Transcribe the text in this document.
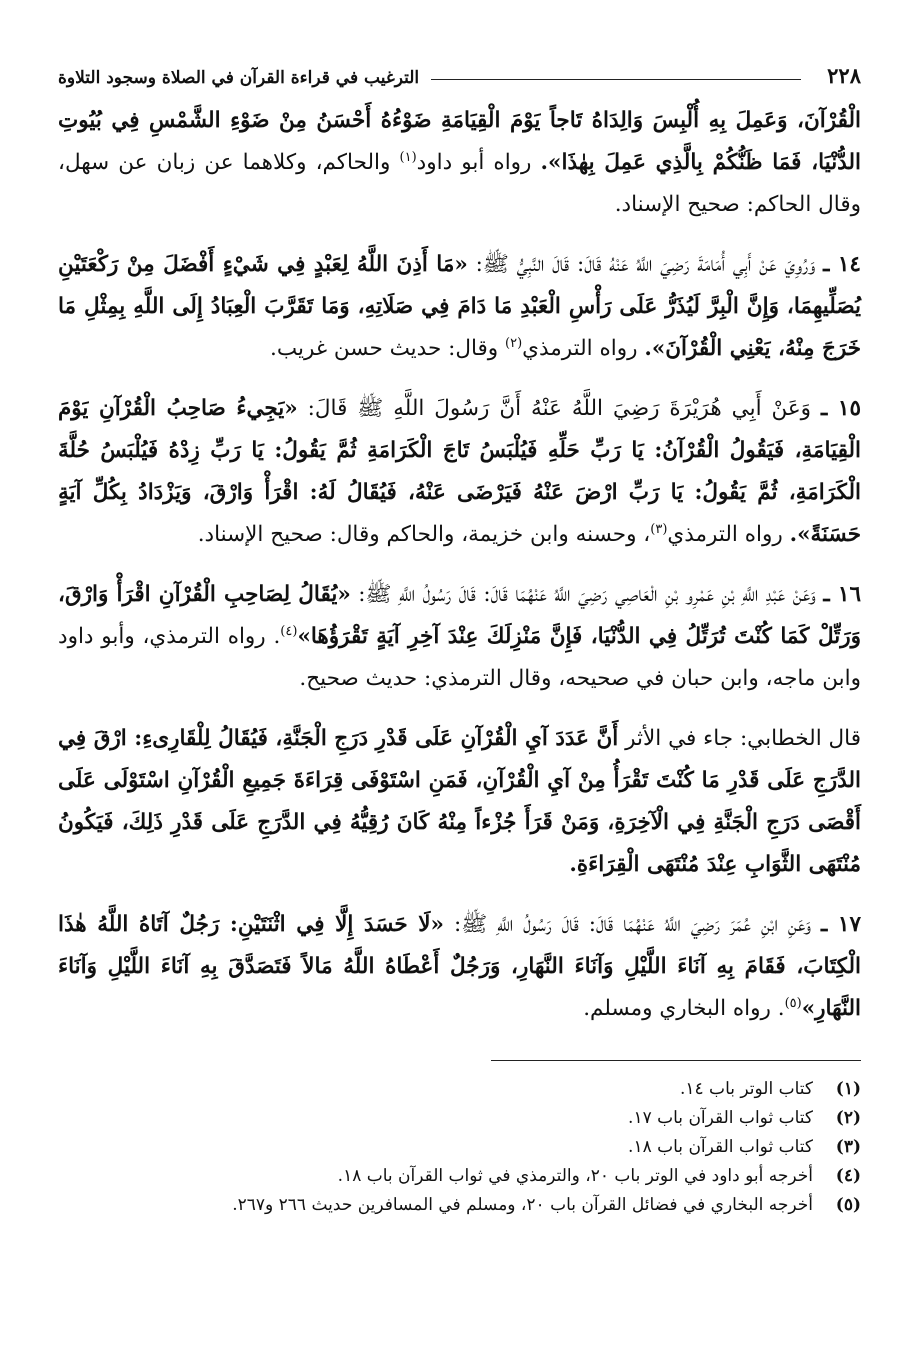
٢٢٨
الترغيب في قراءة القرآن في الصلاة وسجود التلاوة

الْقُرْآنَ، وَعَمِلَ بِهِ أُلْبِسَ وَالِدَاهُ تَاجاً يَوْمَ الْقِيَامَةِ ضَوْءُهُ أَحْسَنُ مِنْ ضَوْءِ الشَّمْسِ فِي بُيُوتِ الدُّنْيَا، فَمَا ظَنُّكُمْ بِالَّذِي عَمِلَ بِهٰذَا». رواه أبو داود$^{(١)}$ والحاكم، وكلاهما عن زبان عن سهل، وقال الحاكم: صحيح الإسناد.

١٤ ـ وَرُوِيَ عَنْ أَبِي أُمَامَةَ رَضِيَ اللَّهُ عَنْهُ قَالَ: قَالَ النَّبِيُّ ﷺ: «مَا أَذِنَ اللَّهُ لِعَبْدٍ فِي شَيْءٍ أَفْضَلَ مِنْ رَكْعَتَيْنِ يُصَلِّيهِمَا، وَإِنَّ الْبِرَّ لَيُذَرُّ عَلَى رَأْسِ الْعَبْدِ مَا دَامَ فِي صَلَاتِهِ، وَمَا تَقَرَّبَ الْعِبَادُ إِلَى اللَّهِ بِمِثْلِ مَا خَرَجَ مِنْهُ، يَعْنِي الْقُرْآنَ». رواه الترمذي$^{(٢)}$ وقال: حديث حسن غريب.

١٥ ـ وَعَنْ أَبِي هُرَيْرَةَ رَضِيَ اللَّهُ عَنْهُ أَنَّ رَسُولَ اللَّهِ ﷺ قَالَ: «يَجِيءُ صَاحِبُ الْقُرْآنِ يَوْمَ الْقِيَامَةِ، فَيَقُولُ الْقُرْآنُ: يَا رَبِّ حَلِّهِ فَيُلْبَسُ تَاجَ الْكَرَامَةِ ثُمَّ يَقُولُ: يَا رَبِّ زِدْهُ فَيُلْبَسُ حُلَّةَ الْكَرَامَةِ، ثُمَّ يَقُولُ: يَا رَبِّ ارْضَ عَنْهُ فَيَرْضَى عَنْهُ، فَيُقَالُ لَهُ: اقْرَأْ وَارْقَ، وَيَزْدَادُ بِكُلِّ آيَةٍ حَسَنَةً». رواه الترمذي$^{(٣)}$، وحسنه وابن خزيمة، والحاكم وقال: صحيح الإسناد.

١٦ ـ وَعَنْ عَبْدِ اللَّهِ بْنِ عَمْرِو بْنِ الْعَاصِي رَضِيَ اللَّهُ عَنْهُمَا قَالَ: قَالَ رَسُولُ اللَّهِ ﷺ: «يُقَالُ لِصَاحِبِ الْقُرْآنِ اقْرَأْ وَارْقَ، وَرَتِّلْ كَمَا كُنْتَ تُرَتِّلُ فِي الدُّنْيَا، فَإِنَّ مَنْزِلَكَ عِنْدَ آخِرِ آيَةٍ تَقْرَؤُهَا»$^{(٤)}$. رواه الترمذي، وأبو داود وابن ماجه، وابن حبان في صحيحه، وقال الترمذي: حديث صحيح.

قال الخطابي: جاء في الأثر أَنَّ عَدَدَ آيِ الْقُرْآنِ عَلَى قَدْرِ دَرَجِ الْجَنَّةِ، فَيُقَالُ لِلْقَارِىءِ: ارْقَ فِي الدَّرَجِ عَلَى قَدْرِ مَا كُنْتَ تَقْرَأُ مِنْ آيِ الْقُرْآنِ، فَمَنِ اسْتَوْفَى قِرَاءَةَ جَمِيعِ الْقُرْآنِ اسْتَوْلَى عَلَى أَقْصَى دَرَجِ الْجَنَّةِ فِي الْآخِرَةِ، وَمَنْ قَرَأَ جُزْءاً مِنْهُ كَانَ رُقِيُّهُ فِي الدَّرَجِ عَلَى قَدْرِ ذَلِكَ، فَيَكُونُ مُنْتَهَى الثَّوَابِ عِنْدَ مُنْتَهَى الْقِرَاءَةِ.

١٧ ـ وَعَنِ ابْنِ عُمَرَ رَضِيَ اللَّهُ عَنْهُمَا قَالَ: قَالَ رَسُولُ اللَّهِ ﷺ: «لَا حَسَدَ إِلَّا فِي اثْنَتَيْنِ: رَجُلٌ آتَاهُ اللَّهُ هٰذَا الْكِتَابَ، فَقَامَ بِهِ آنَاءَ اللَّيْلِ وَآنَاءَ النَّهَارِ، وَرَجُلٌ أَعْطَاهُ اللَّهُ مَالاً فَتَصَدَّقَ بِهِ آنَاءَ اللَّيْلِ وَآنَاءَ النَّهَارِ»$^{(٥)}$. رواه البخاري ومسلم.

(١)
كتاب الوتر باب ١٤.
(٢)
كتاب ثواب القرآن باب ١٧.
(٣)
كتاب ثواب القرآن باب ١٨.
(٤)
أخرجه أبو داود في الوتر باب ٢٠، والترمذي في ثواب القرآن باب ١٨.
(٥)
أخرجه البخاري في فضائل القرآن باب ٢٠، ومسلم في المسافرين حديث ٢٦٦ و٢٦٧.
